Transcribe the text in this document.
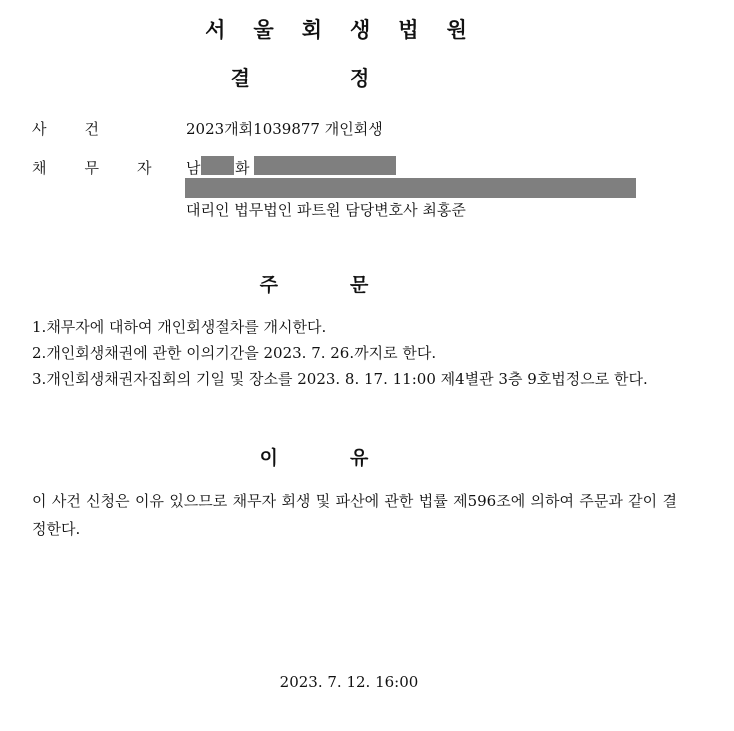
서울회생법원
결정
사건	2023개회1039877 개인회생
채무자
남 화
대리인 법무법인 파트원 담당변호사 최홍준
주문
1.채무자에 대하여 개인회생절차를 개시한다.
2.개인회생채권에 관한 이의기간을 2023. 7. 26.까지로 한다.
3.개인회생채권자집회의 기일 및 장소를 2023. 8. 17. 11:00 제4별관 3층 9호법정으로 한다.
이유
이 사건 신청은 이유 있으므로 채무자 회생 및 파산에 관한 법률 제596조에 의하여 주문과 같이 결정한다.
2023. 7. 12. 16:00
